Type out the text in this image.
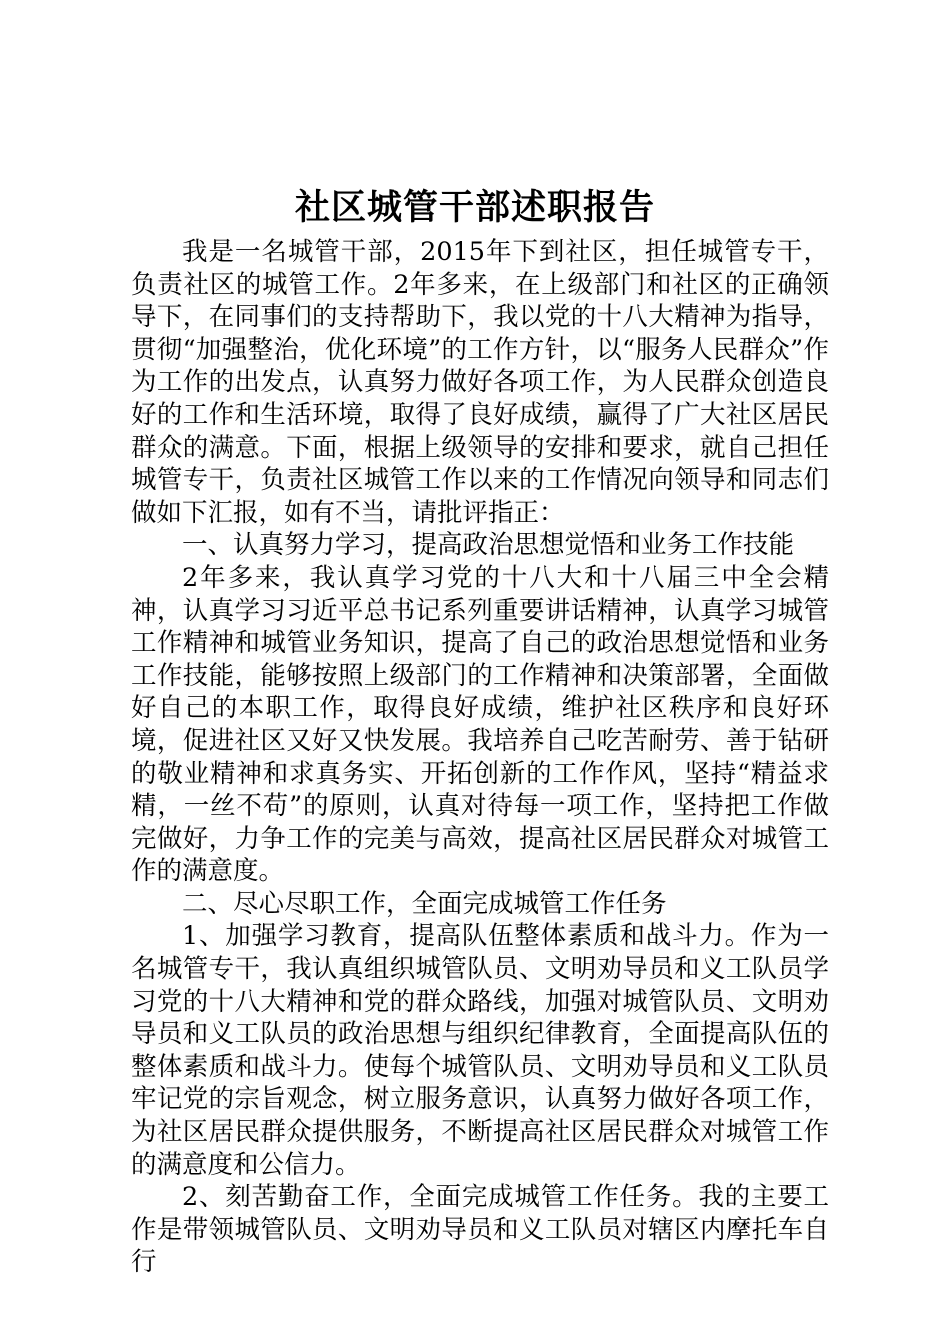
社区城管干部述职报告

我是一名城管干部，2015年下到社区，担任城管专干，负责社区的城管工作。2年多来，在上级部门和社区的正确领导下，在同事们的支持帮助下，我以党的十八大精神为指导，贯彻“加强整治，优化环境”的工作方针，以“服务人民群众”作为工作的出发点，认真努力做好各项工作，为人民群众创造良好的工作和生活环境，取得了良好成绩，赢得了广大社区居民群众的满意。下面，根据上级领导的安排和要求，就自己担任城管专干，负责社区城管工作以来的工作情况向领导和同志们做如下汇报，如有不当，请批评指正：

一、认真努力学习，提高政治思想觉悟和业务工作技能

2年多来，我认真学习党的十八大和十八届三中全会精神，认真学习习近平总书记系列重要讲话精神，认真学习城管工作精神和城管业务知识，提高了自己的政治思想觉悟和业务工作技能，能够按照上级部门的工作精神和决策部署，全面做好自己的本职工作，取得良好成绩，维护社区秩序和良好环境，促进社区又好又快发展。我培养自己吃苦耐劳、善于钻研的敬业精神和求真务实、开拓创新的工作作风，坚持“精益求精，一丝不苟”的原则，认真对待每一项工作，坚持把工作做完做好，力争工作的完美与高效，提高社区居民群众对城管工作的满意度。

二、尽心尽职工作，全面完成城管工作任务

1、加强学习教育，提高队伍整体素质和战斗力。作为一名城管专干，我认真组织城管队员、文明劝导员和义工队员学习党的十八大精神和党的群众路线，加强对城管队员、文明劝导员和义工队员的政治思想与组织纪律教育，全面提高队伍的整体素质和战斗力。使每个城管队员、文明劝导员和义工队员牢记党的宗旨观念，树立服务意识，认真努力做好各项工作，为社区居民群众提供服务，不断提高社区居民群众对城管工作的满意度和公信力。

2、刻苦勤奋工作，全面完成城管工作任务。我的主要工作是带领城管队员、文明劝导员和义工队员对辖区内摩托车自行
